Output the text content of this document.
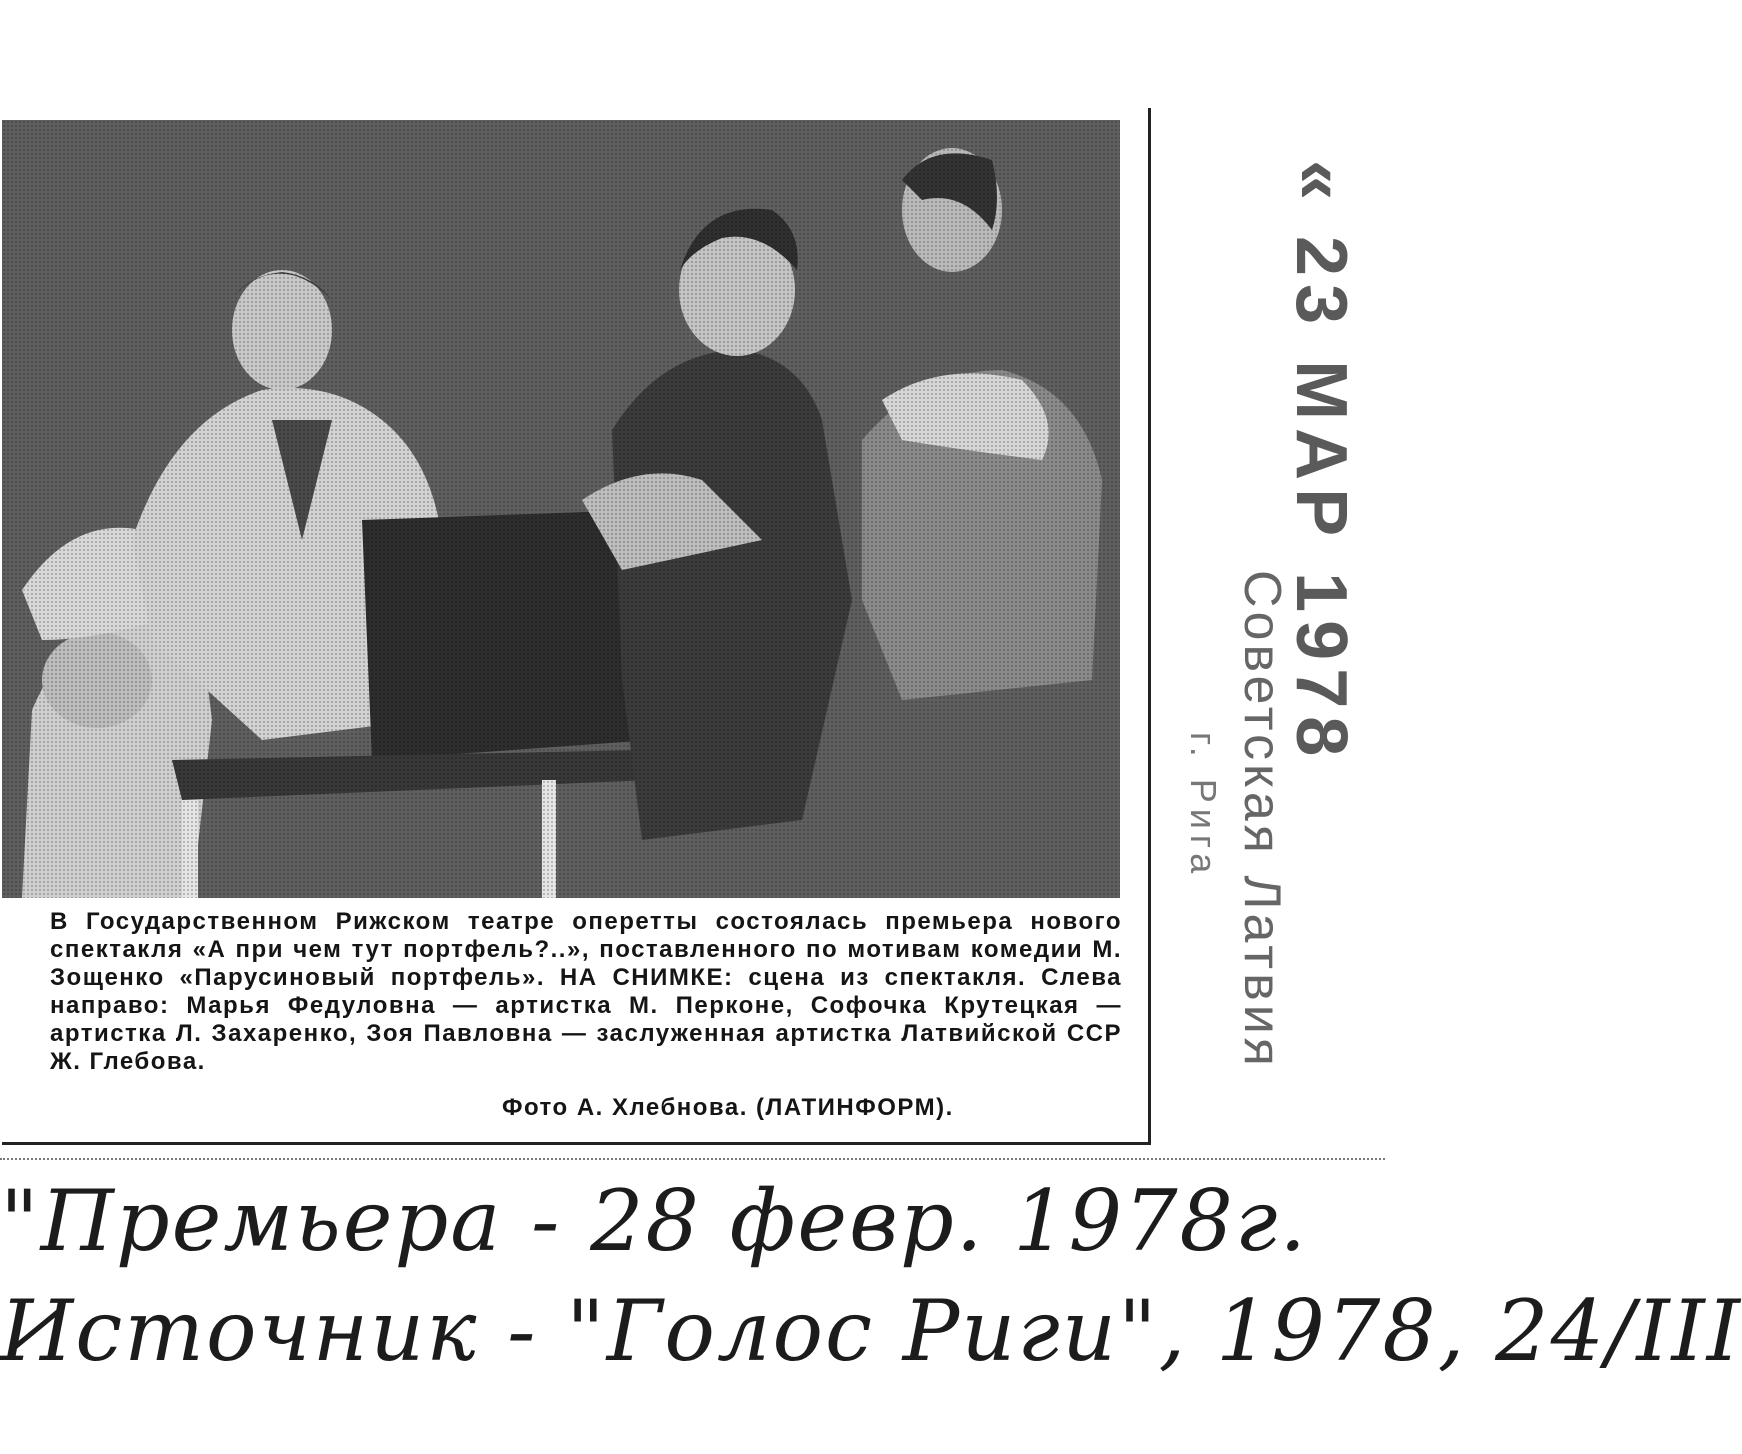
В Государственном Рижском театре оперетты состоялась премьера нового спектакля «А при чем тут портфель?..», поставленного по мотивам комедии М. Зощенко «Парусиновый портфель». НА СНИМКЕ: сцена из спектакля. Слева направо: Марья Федуловна — артистка М. Перконе, Софочка Крутецкая — артистка Л. Захаренко, Зоя Павловна — заслуженная артистка Латвийской ССР Ж. Глебова.
Фото А. Хлебнова. (ЛАТИНФОРМ).
« 23 МАР 1978
Советская Латвия
г. Рига
"Премьера - 28 февр. 1978г.
Источник - "Голос Риги", 1978, 24/III
